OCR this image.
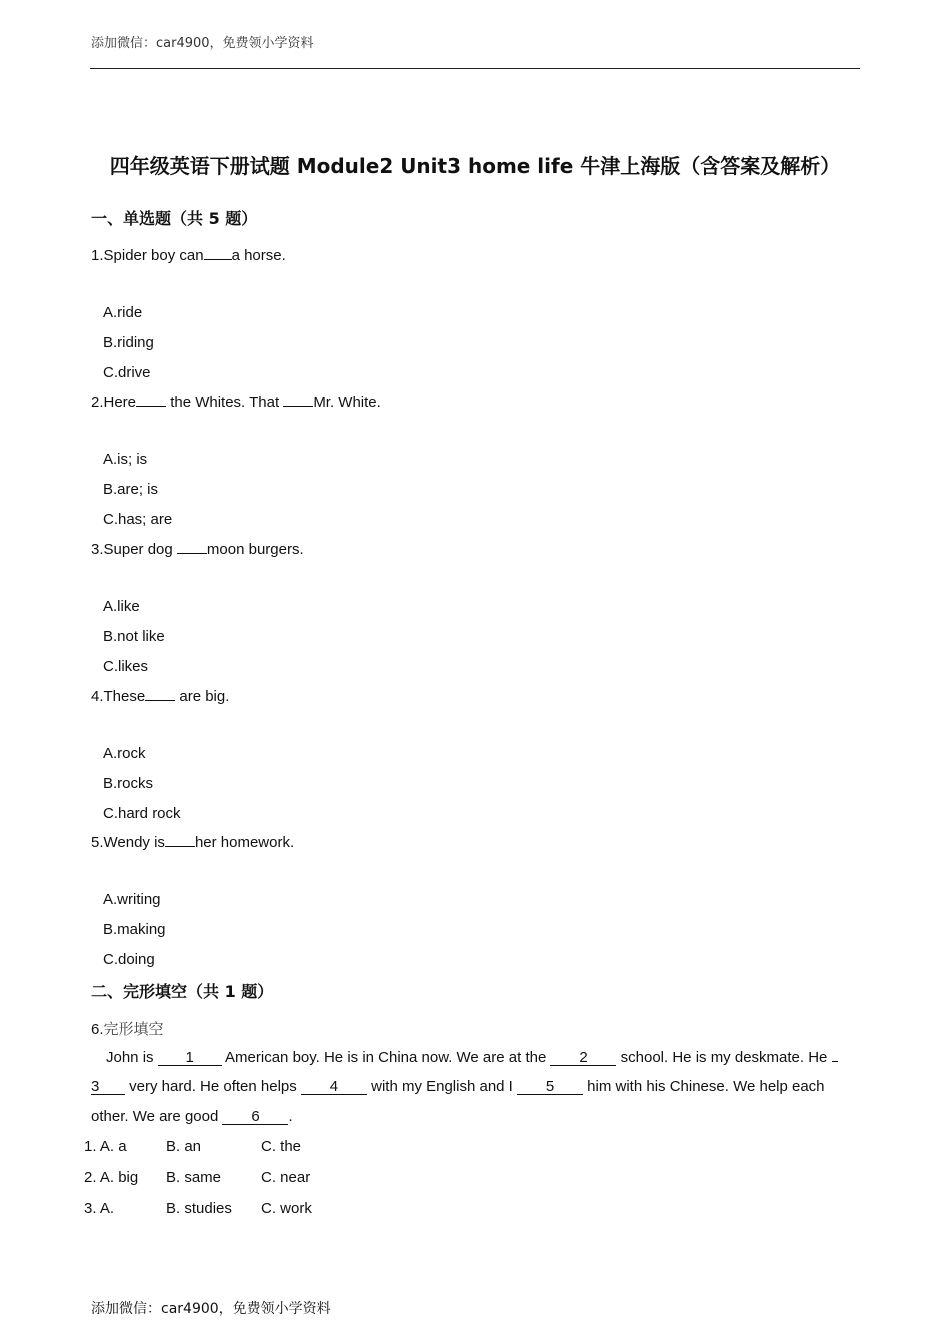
添加微信：car4900，免费领小学资料
四年级英语下册试题 Module2 Unit3 home life 牛津上海版（含答案及解析）
一、单选题（共 5 题）
1.Spider boy can a horse.
A.ride
B.riding
C.drive
2.Here the Whites. That Mr. White.
A.is; is
B.are; is
C.has; are
3.Super dog moon burgers.
A.like
B.not like
C.likes
4.These are big.
A.rock
B.rocks
C.hard rock
5.Wendy is her homework.
A.writing
B.making
C.doing
二、完形填空（共 1 题）
6.完形填空
John is 1 American boy. He is in China now. We are at the 2 school. He is my deskmate. He
3 very hard. He often helps 4 with my English and I 5 him with his Chinese. We help each
other. We are good 6 .
1. A. a	B. an	C. the
2. A. big B. same	C. near
3. A.	B. studies C. work
添加微信：car4900，免费领小学资料
